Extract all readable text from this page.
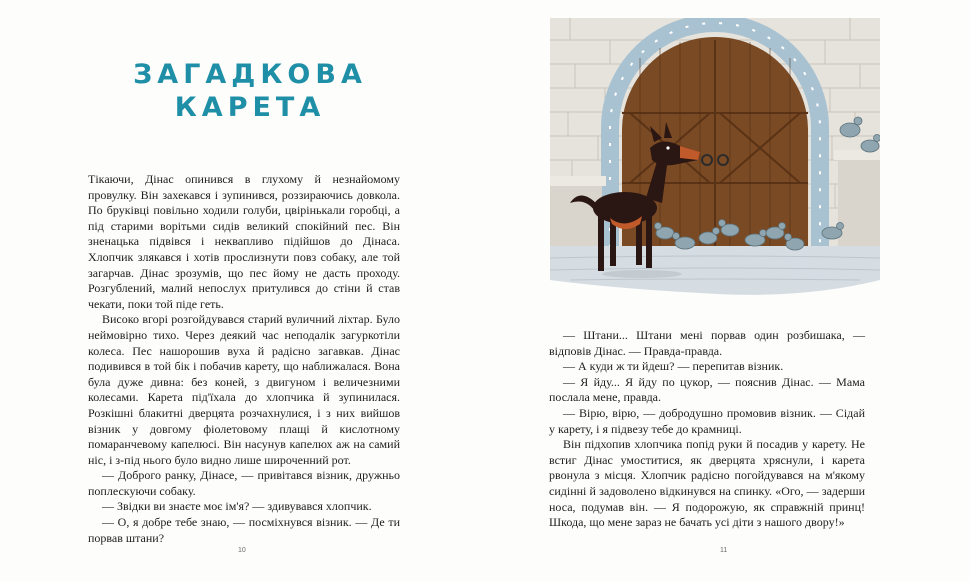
ЗАГАДКОВА
КАРЕТА

Тікаючи, Дінас опинився в глухому й незнайомому провулку. Він захекався і зупинився, роззираючись довкола. По бруківці повільно ходили голуби, цвірінькали горобці, а під старими ворітьми сидів великий спокійний пес. Він зненацька підвівся і неквапливо підійшов до Дінаса. Хлопчик злякався і хотів прослизнути повз собаку, але той загарчав. Дінас зрозумів, що пес йому не дасть проходу. Розгублений, малий непослух притулився до стіни й став чекати, поки той піде геть.

Високо вгорі розгойдувався старий вуличний ліхтар. Було неймовірно тихо. Через деякий час неподалік загуркотіли колеса. Пес нашорошив вуха й радісно загавкав. Дінас подивився в той бік і побачив карету, що наближалася. Вона була дуже дивна: без коней, з двигуном і величезними колесами. Карета під'їхала до хлопчика й зупинилася. Розкішні блакитні дверцята розчахнулися, і з них вийшов візник у довгому фіолетовому плащі й кислотному помаранчевому капелюсі. Він насунув капелюх аж на самий ніс, і з-під нього було видно лише широченний рот.

— Доброго ранку, Дінасе, — привітався візник, дружньо поплескуючи собаку.

— Звідки ви знаєте моє ім'я? — здивувався хлопчик.

— О, я добре тебе знаю, — посміхнувся візник. — Де ти порвав штани?

10

— Штани... Штани мені порвав один розбишака, — відповів Дінас. — Правда-правда.

— А куди ж ти йдеш? — перепитав візник.

— Я йду... Я йду по цукор, — пояснив Дінас. — Мама послала мене, правда.

— Вірю, вірю, — добродушно промовив візник. — Сідай у карету, і я підвезу тебе до крамниці.

Він підхопив хлопчика попід руки й посадив у карету. Не встиг Дінас умоститися, як дверцята хряснули, і карета рвонула з місця. Хлопчик радісно погойдувався на м'якому сидінні й задоволено відкинувся на спинку. «Ого, — задерши носа, подумав він. — Я подорожую, як справжній принц! Шкода, що мене зараз не бачать усі діти з нашого двору!»

11
